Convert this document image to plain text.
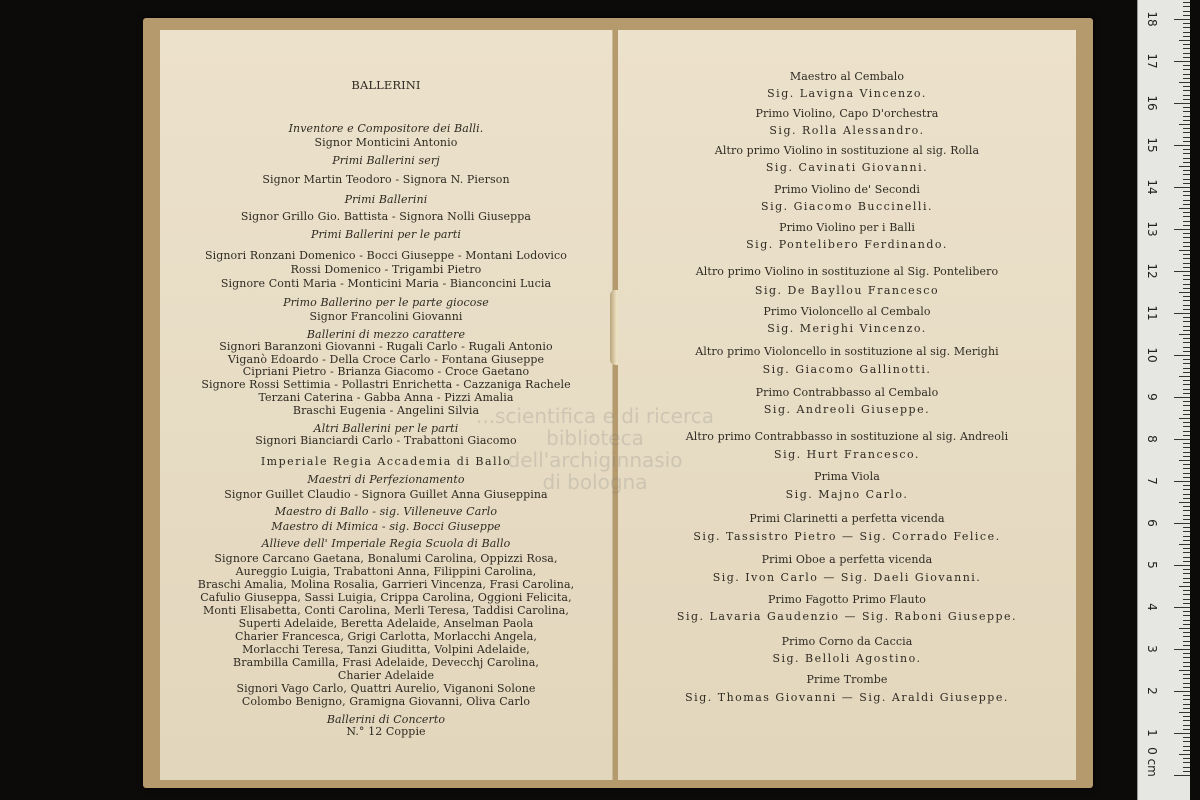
BALLERINI
Inventore e Compositore dei Balli.
Signor Monticini Antonio
Primi Ballerini serj
Signor Martin Teodoro - Signora N. Pierson
Primi Ballerini
Signor Grillo Gio. Battista - Signora Nolli Giuseppa
Primi Ballerini per le parti
Signori Ronzani Domenico - Bocci Giuseppe - Montani Lodovico
Rossi Domenico - Trigambi Pietro
Signore Conti Maria - Monticini Maria - Bianconcini Lucia
Primo Ballerino per le parte giocose
Signor Francolini Giovanni
Ballerini di mezzo carattere
Signori Baranzoni Giovanni - Rugali Carlo - Rugali Antonio
Viganò Edoardo - Della Croce Carlo - Fontana Giuseppe
Cipriani Pietro - Brianza Giacomo - Croce Gaetano
Signore Rossi Settimia - Pollastri Enrichetta - Cazzaniga Rachele
Terzani Caterina - Gabba Anna - Pizzi Amalia
Braschi Eugenia - Angelini Silvia
Altri Ballerini per le parti
Signori Bianciardi Carlo - Trabattoni Giacomo
Imperiale Regia Accademia di Ballo
Maestri di Perfezionamento
Signor Guillet Claudio - Signora Guillet Anna Giuseppina
Maestro di Ballo - sig. Villeneuve Carlo
Maestro di Mimica - sig. Bocci Giuseppe
Allieve dell' Imperiale Regia Scuola di Ballo
Signore Carcano Gaetana, Bonalumi Carolina, Oppizzi Rosa,
Aureggio Luigia, Trabattoni Anna, Filippini Carolina,
Braschi Amalia, Molina Rosalia, Garrieri Vincenza, Frasi Carolina,
Cafulio Giuseppa, Sassi Luigia, Crippa Carolina, Oggioni Felicita,
Monti Elisabetta, Conti Carolina, Merli Teresa, Taddisi Carolina,
Superti Adelaide, Beretta Adelaide, Anselman Paola
Charier Francesca, Grigi Carlotta, Morlacchi Angela,
Morlacchi Teresa, Tanzi Giuditta, Volpini Adelaide,
Brambilla Camilla, Frasi Adelaide, Devecchj Carolina,
Charier Adelaide
Signori Vago Carlo, Quattri Aurelio, Viganoni Solone
Colombo Benigno, Gramigna Giovanni, Oliva Carlo
Ballerini di Concerto
N.° 12 Coppie
Maestro al Cembalo
Sig. Lavigna Vincenzo.
Primo Violino, Capo D'orchestra
Sig. Rolla Alessandro.
Altro primo Violino in sostituzione al sig. Rolla
Sig. Cavinati Giovanni.
Primo Violino de' Secondi
Sig. Giacomo Buccinelli.
Primo Violino per i Balli
Sig. Pontelibero Ferdinando.
Altro primo Violino in sostituzione al Sig. Pontelibero
Sig. De Bayllou Francesco
Primo Violoncello al Cembalo
Sig. Merighi Vincenzo.
Altro primo Violoncello in sostituzione al sig. Merighi
Sig. Giacomo Gallinotti.
Primo Contrabbasso al Cembalo
Sig. Andreoli Giuseppe.
Altro primo Contrabbasso in sostituzione al sig. Andreoli
Sig. Hurt Francesco.
Prima Viola
Sig. Majno Carlo.
Primi Clarinetti a perfetta vicenda
Sig. Tassistro Pietro — Sig. Corrado Felice.
Primi Oboe a perfetta vicenda
Sig. Ivon Carlo — Sig. Daeli Giovanni.
Primo Fagotto Primo Flauto
Sig. Lavaria Gaudenzio — Sig. Raboni Giuseppe.
Primo Corno da Caccia
Sig. Belloli Agostino.
Prime Trombe
Sig. Thomas Giovanni — Sig. Araldi Giuseppe.
...scientifica e di ricerca
biblioteca dell'archiginnasio
di bologna
0 cm
1
2
3
4
5
6
7
8
9
10
11
12
13
14
15
16
17
18
